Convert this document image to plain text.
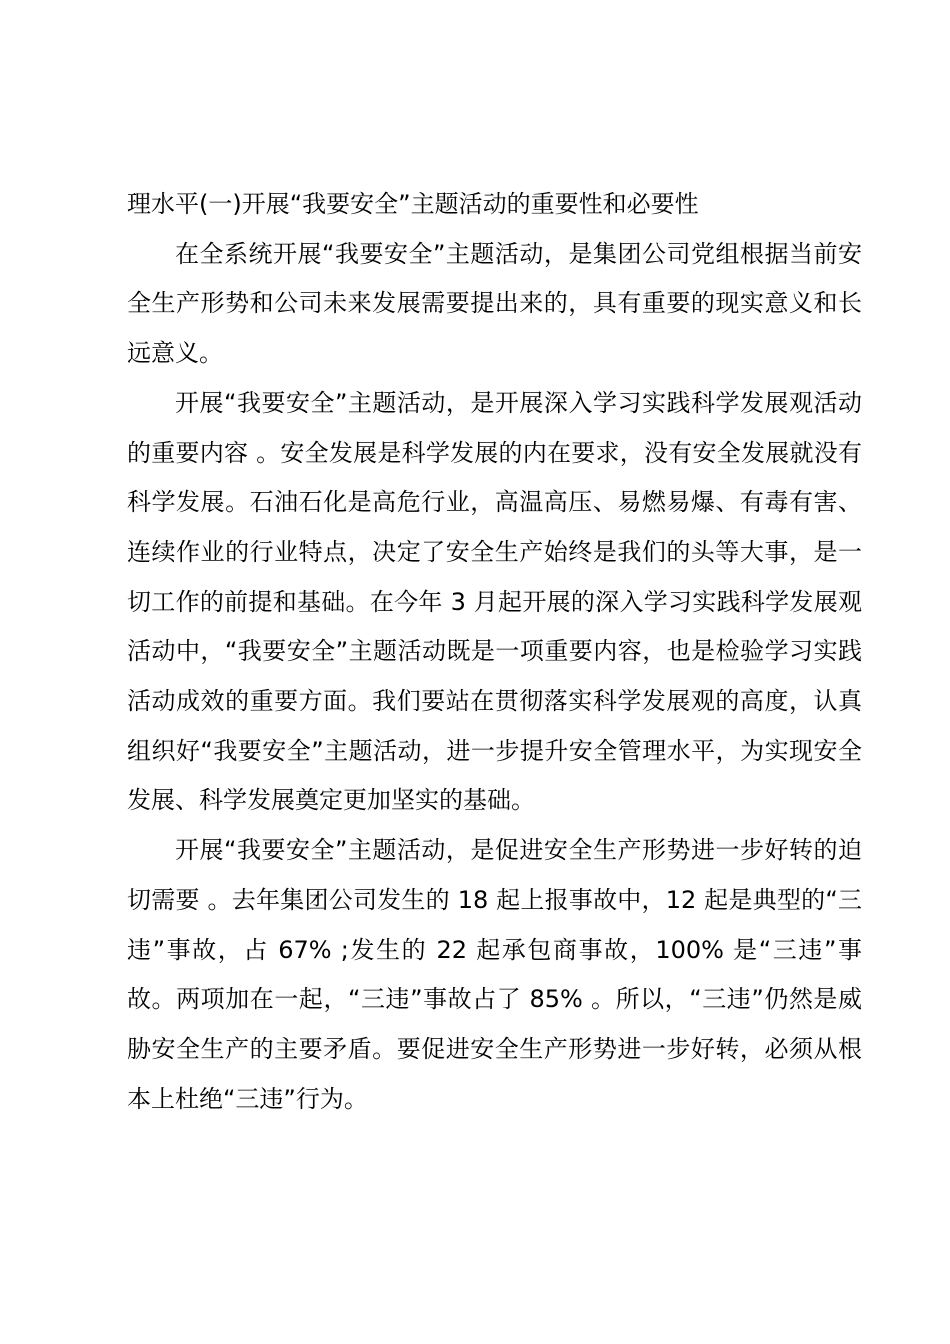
理水平(一)开展“我要安全”主题活动的重要性和必要性

在全系统开展“我要安全”主题活动，是集团公司党组根据当前安全生产形势和公司未来发展需要提出来的，具有重要的现实意义和长远意义。

开展“我要安全”主题活动，是开展深入学习实践科学发展观活动的重要内容 。安全发展是科学发展的内在要求，没有安全发展就没有科学发展。石油石化是高危行业，高温高压、易燃易爆、有毒有害、连续作业的行业特点，决定了安全生产始终是我们的头等大事，是一切工作的前提和基础。在今年 3 月起开展的深入学习实践科学发展观活动中，“我要安全”主题活动既是一项重要内容，也是检验学习实践活动成效的重要方面。我们要站在贯彻落实科学发展观的高度，认真组织好“我要安全”主题活动，进一步提升安全管理水平，为实现安全发展、科学发展奠定更加坚实的基础。

开展“我要安全”主题活动，是促进安全生产形势进一步好转的迫切需要 。去年集团公司发生的 18 起上报事故中，12 起是典型的“三违”事故，占 67% ;发生的 22 起承包商事故，100% 是“三违”事故。两项加在一起，“三违”事故占了 85% 。所以，“三违”仍然是威胁安全生产的主要矛盾。要促进安全生产形势进一步好转，必须从根本上杜绝“三违”行为。
